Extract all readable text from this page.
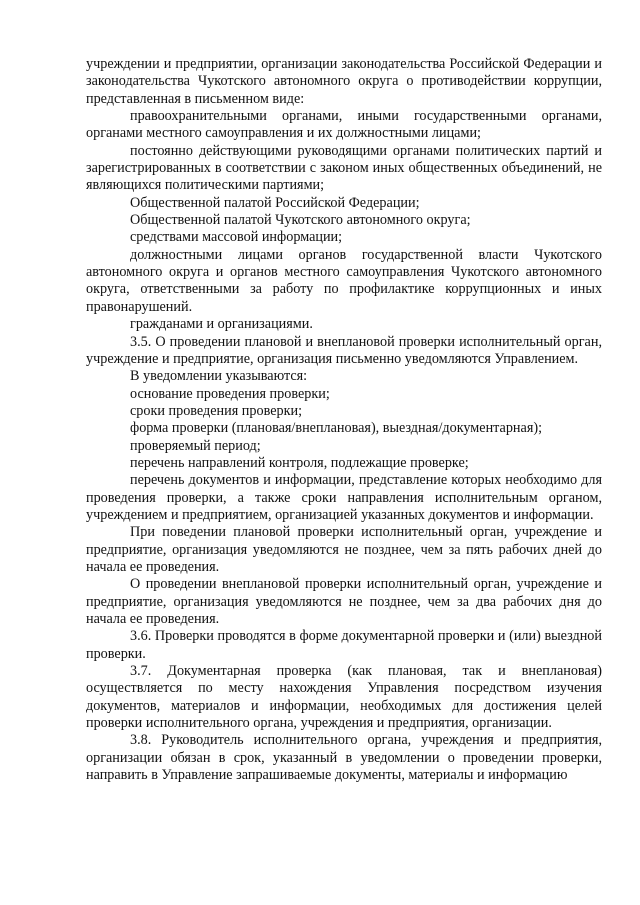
учреждении и предприятии, организации законодательства Российской Федерации и законодательства Чукотского автономного округа о противодействии коррупции, представленная в письменном виде:

правоохранительными органами, иными государственными органами, органами местного самоуправления и их должностными лицами;

постоянно действующими руководящими органами политических партий и зарегистрированных в соответствии с законом иных общественных объединений, не являющихся политическими партиями;

Общественной палатой Российской Федерации;

Общественной палатой Чукотского автономного округа;

средствами массовой информации;

должностными лицами органов государственной власти Чукотского автономного округа и органов местного самоуправления Чукотского автономного округа, ответственными за работу по профилактике коррупционных и иных правонарушений.

гражданами и организациями.

3.5. О проведении плановой и внеплановой проверки исполнительный орган, учреждение и предприятие, организация письменно уведомляются Управлением.

В уведомлении указываются:

основание проведения проверки;

сроки проведения проверки;

форма проверки (плановая/внеплановая), выездная/документарная);

проверяемый период;

перечень направлений контроля, подлежащие проверке;

перечень документов и информации, представление которых необходимо для проведения проверки, а также сроки направления исполнительным органом, учреждением и предприятием, организацией указанных документов и информации.

При поведении плановой проверки исполнительный орган, учреждение и предприятие, организация уведомляются не позднее, чем за пять рабочих дней до начала ее проведения.

О проведении внеплановой проверки исполнительный орган, учреждение и предприятие, организация уведомляются не позднее, чем за два рабочих дня до начала ее проведения.

3.6. Проверки проводятся в форме документарной проверки и (или) выездной проверки.

3.7. Документарная проверка (как плановая, так и внеплановая) осуществляется по месту нахождения Управления посредством изучения документов, материалов и информации, необходимых для достижения целей проверки исполнительного органа, учреждения и предприятия, организации.

3.8. Руководитель исполнительного органа, учреждения и предприятия, организации обязан в срок, указанный в уведомлении о проведении проверки, направить в Управление запрашиваемые документы, материалы и информацию
